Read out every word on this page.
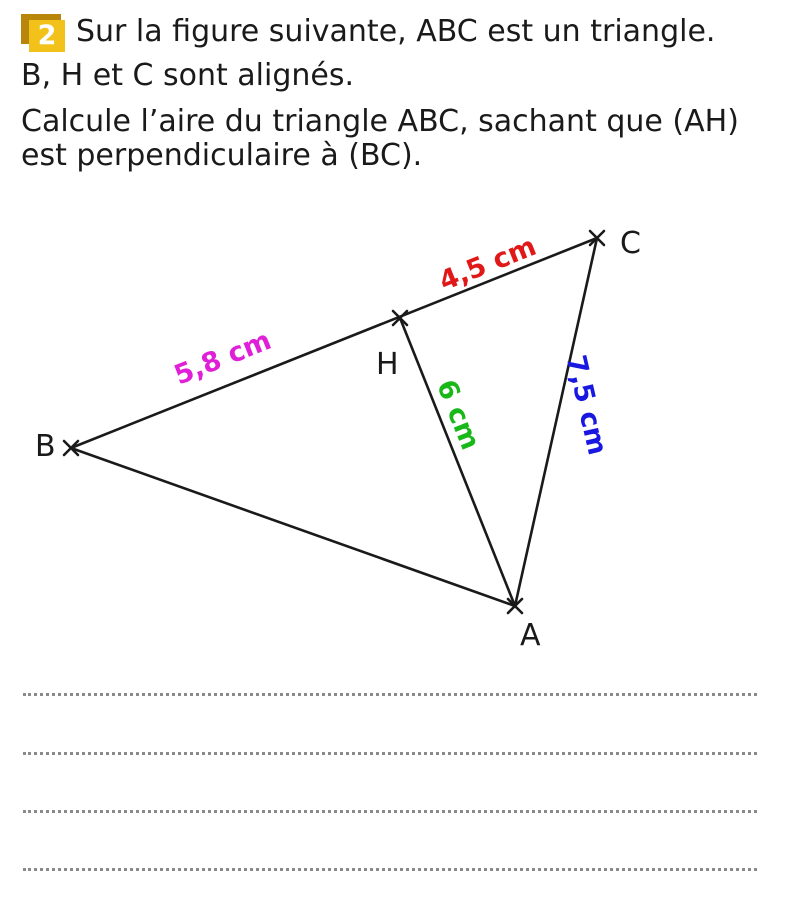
2 Sur la figure suivante, ABC est un triangle.
B, H et C sont alignés.
Calcule l’aire du triangle ABC, sachant que (AH)
est perpendiculaire à (BC).
B
C
H
A
5,8 cm
4,5 cm
6 cm	7,5 cm
